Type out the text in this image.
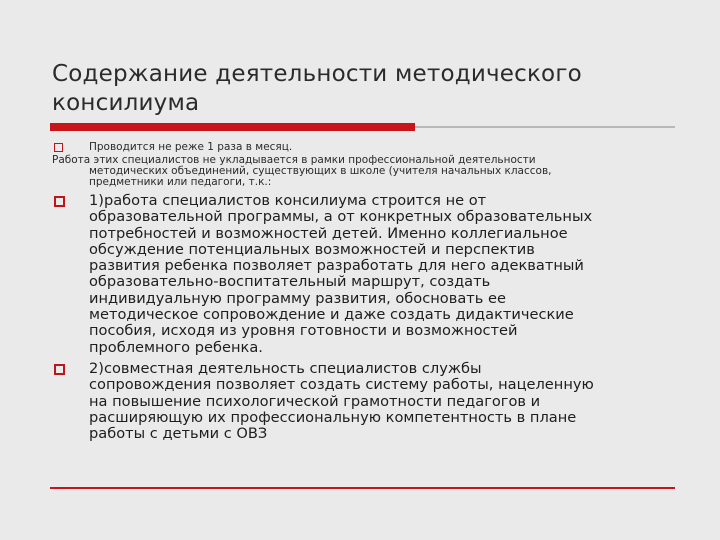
Содержание деятельности методического
консилиума
Проводится не реже 1 раза в месяц.
Работа этих специалистов не укладывается в рамки профессиональной деятельности
методических объединений, существующих в школе (учителя начальных классов,
предметники или педагоги, т.к.:
1)работа специалистов консилиума строится не от
образовательной программы, а от конкретных образовательных
потребностей и возможностей детей. Именно коллегиальное
обсуждение потенциальных возможностей и перспектив
развития ребенка позволяет разработать для него адекватный
образовательно-воспитательный маршрут, создать
индивидуальную программу развития, обосновать ее
методическое сопровождение и даже создать дидактические
пособия, исходя из уровня готовности и возможностей
проблемного ребенка.
2)совместная деятельность специалистов службы
сопровождения позволяет создать систему работы, нацеленную
на повышение психологической грамотности педагогов и
расширяющую их профессиональную компетентность в плане
работы с детьми с ОВЗ
